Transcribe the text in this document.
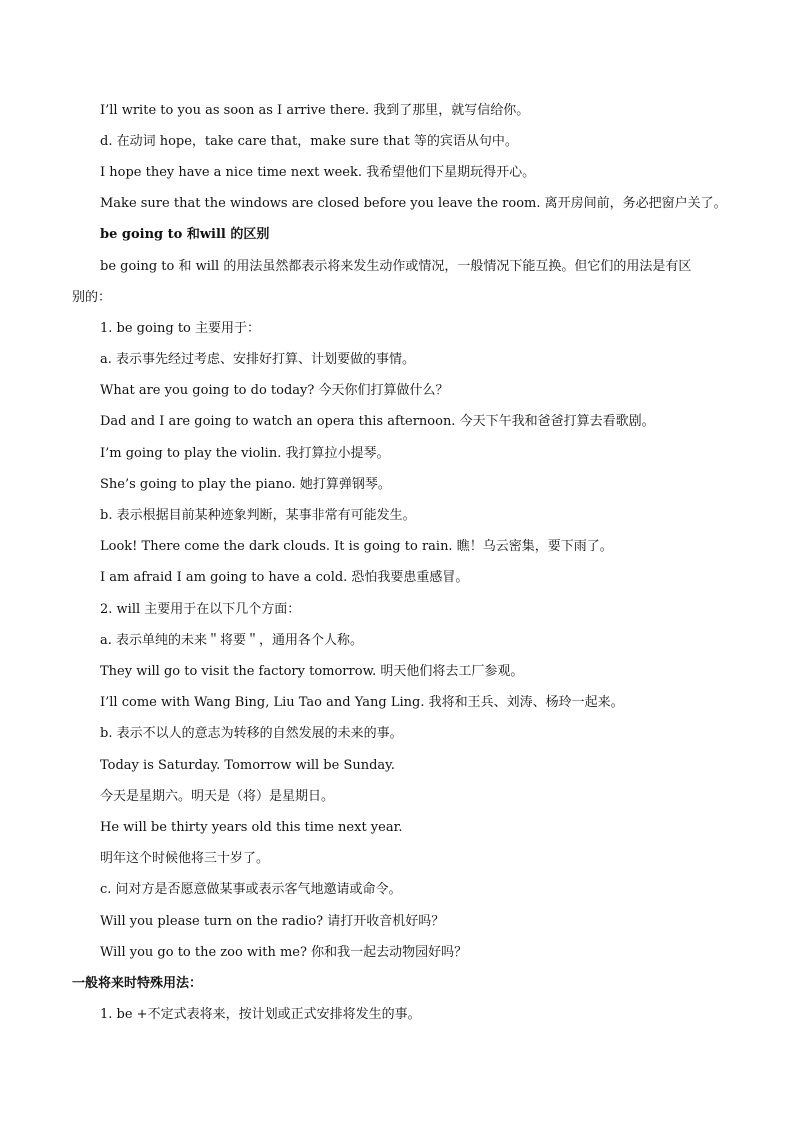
I’ll write to you as soon as I arrive there. 我到了那里，就写信给你。
d. 在动词 hope，take care that，make sure that 等的宾语从句中。
I hope they have a nice time next week. 我希望他们下星期玩得开心。
Make sure that the windows are closed before you leave the room. 离开房间前，务必把窗户关了。
be going to 和will 的区别
be going to 和 will 的用法虽然都表示将来发生动作或情况，一般情况下能互换。但它们的用法是有区
别的：
1. be going to 主要用于：
a. 表示事先经过考虑、安排好打算、计划要做的事情。
What are you going to do today? 今天你们打算做什么？
Dad and I are going to watch an opera this afternoon. 今天下午我和爸爸打算去看歌剧。
I’m going to play the violin. 我打算拉小提琴。
She’s going to play the piano. 她打算弹钢琴。
b. 表示根据目前某种迹象判断，某事非常有可能发生。
Look! There come the dark clouds. It is going to rain. 瞧！乌云密集，要下雨了。
I am afraid I am going to have a cold. 恐怕我要患重感冒。
2. will 主要用于在以下几个方面：
a. 表示单纯的未来＂将要＂，通用各个人称。
They will go to visit the factory tomorrow. 明天他们将去工厂参观。
I’ll come with Wang Bing, Liu Tao and Yang Ling. 我将和王兵、刘涛、杨玲一起来。
b. 表示不以人的意志为转移的自然发展的未来的事。
Today is Saturday. Tomorrow will be Sunday.
今天是星期六。明天是（将）是星期日。
He will be thirty years old this time next year.
明年这个时候他将三十岁了。
c. 问对方是否愿意做某事或表示客气地邀请或命令。
Will you please turn on the radio? 请打开收音机好吗？
Will you go to the zoo with me? 你和我一起去动物园好吗？
一般将来时特殊用法：
1. be +不定式表将来，按计划或正式安排将发生的事。
